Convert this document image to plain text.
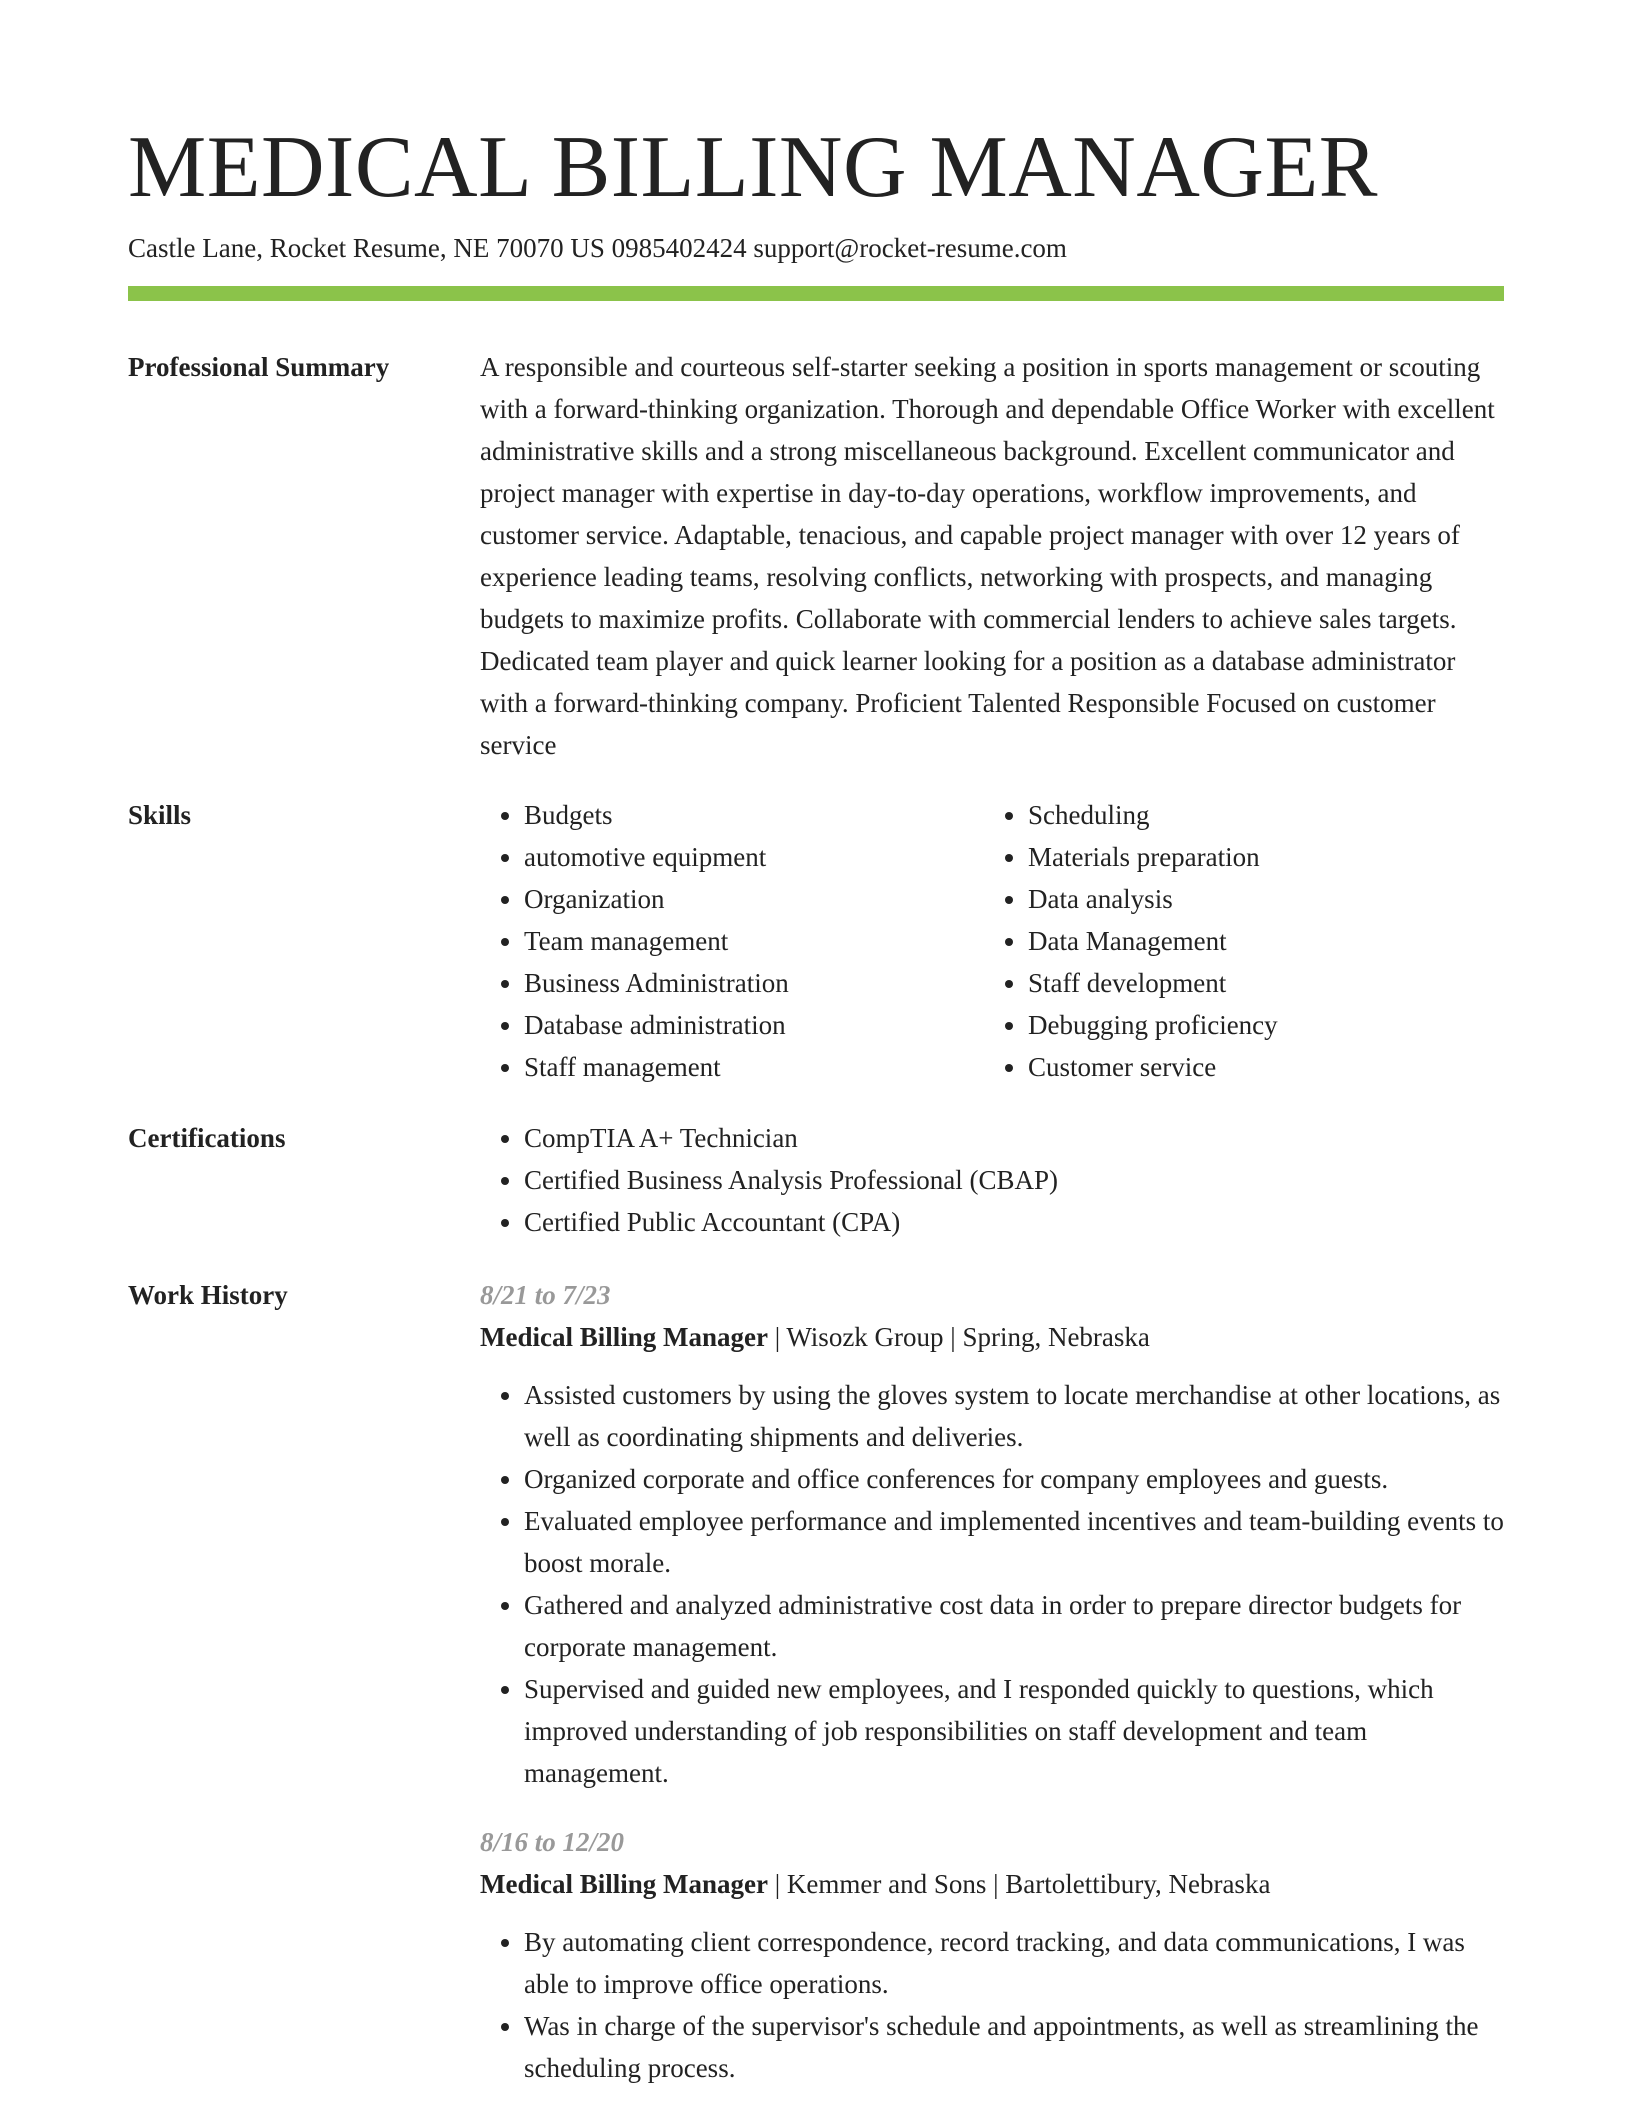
MEDICAL BILLING MANAGER
Castle Lane, Rocket Resume, NE 70070 US 0985402424 support@rocket-resume.com
Professional Summary	A responsible and courteous self-starter seeking a position in sports management or scouting with a forward-thinking organization. Thorough and dependable Office Worker with excellent administrative skills and a strong miscellaneous background. Excellent communicator and project manager with expertise in day-to-day operations, workflow improvements, and customer service. Adaptable, tenacious, and capable project manager with over 12 years of experience leading teams, resolving conflicts, networking with prospects, and managing budgets to maximize profits. Collaborate with commercial lenders to achieve sales targets. Dedicated team player and quick learner looking for a position as a database administrator with a forward-thinking company. Proficient Talented Responsible Focused on customer service

Skills	• Budgets
• automotive equipment
• Organization
• Team management
• Business Administration
• Database administration
• Staff management
• Scheduling
• Materials preparation
• Data analysis
• Data Management
• Staff development
• Debugging proficiency
• Customer service
Certifications	• CompTIA A+ Technician
• Certified Business Analysis Professional (CBAP)
• Certified Public Accountant (CPA)
Work History	8/21 to 7/23
Medical Billing Manager | Wisozk Group | Spring, Nebraska
• Assisted customers by using the gloves system to locate merchandise at other locations, as well as coordinating shipments and deliveries.
• Organized corporate and office conferences for company employees and guests.
• Evaluated employee performance and implemented incentives and team-building events to boost morale.
• Gathered and analyzed administrative cost data in order to prepare director budgets for corporate management.
• Supervised and guided new employees, and I responded quickly to questions, which improved understanding of job responsibilities on staff development and team management.
8/16 to 12/20
Medical Billing Manager | Kemmer and Sons | Bartolettibury, Nebraska
• By automating client correspondence, record tracking, and data communications, I was able to improve office operations.
• Was in charge of the supervisor's schedule and appointments, as well as streamlining the scheduling process.
